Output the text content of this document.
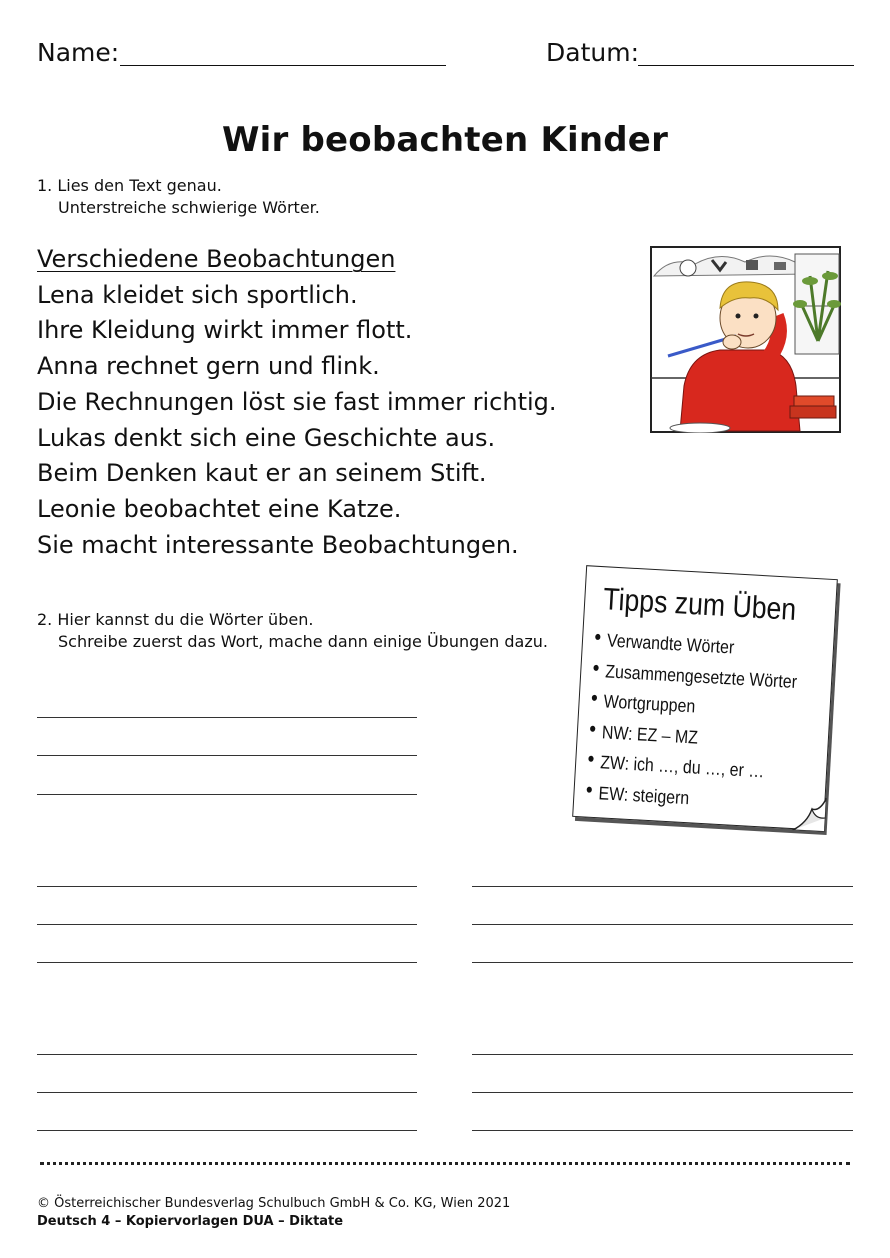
Name:	Datum:
Wir beobachten Kinder
1. Lies den Text genau.
Unterstreiche schwierige Wörter.
Verschiedene Beobachtungen
Lena kleidet sich sportlich.
Ihre Kleidung wirkt immer flott.
Anna rechnet gern und flink.
Die Rechnungen löst sie fast immer richtig.
Lukas denkt sich eine Geschichte aus.
Beim Denken kaut er an seinem Stift.
Leonie beobachtet eine Katze.
Sie macht interessante Beobachtungen.
2. Hier kannst du die Wörter üben.
Schreibe zuerst das Wort, mache dann einige Übungen dazu.
Tipps zum Üben
Verwandte Wörter
Zusammengesetzte Wörter
Wortgruppen
NW: EZ – MZ
ZW: ich …, du …, er …
EW: steigern
© Österreichischer Bundesverlag Schulbuch GmbH & Co. KG, Wien 2021
Deutsch 4 – Kopiervorlagen DUA – Diktate
